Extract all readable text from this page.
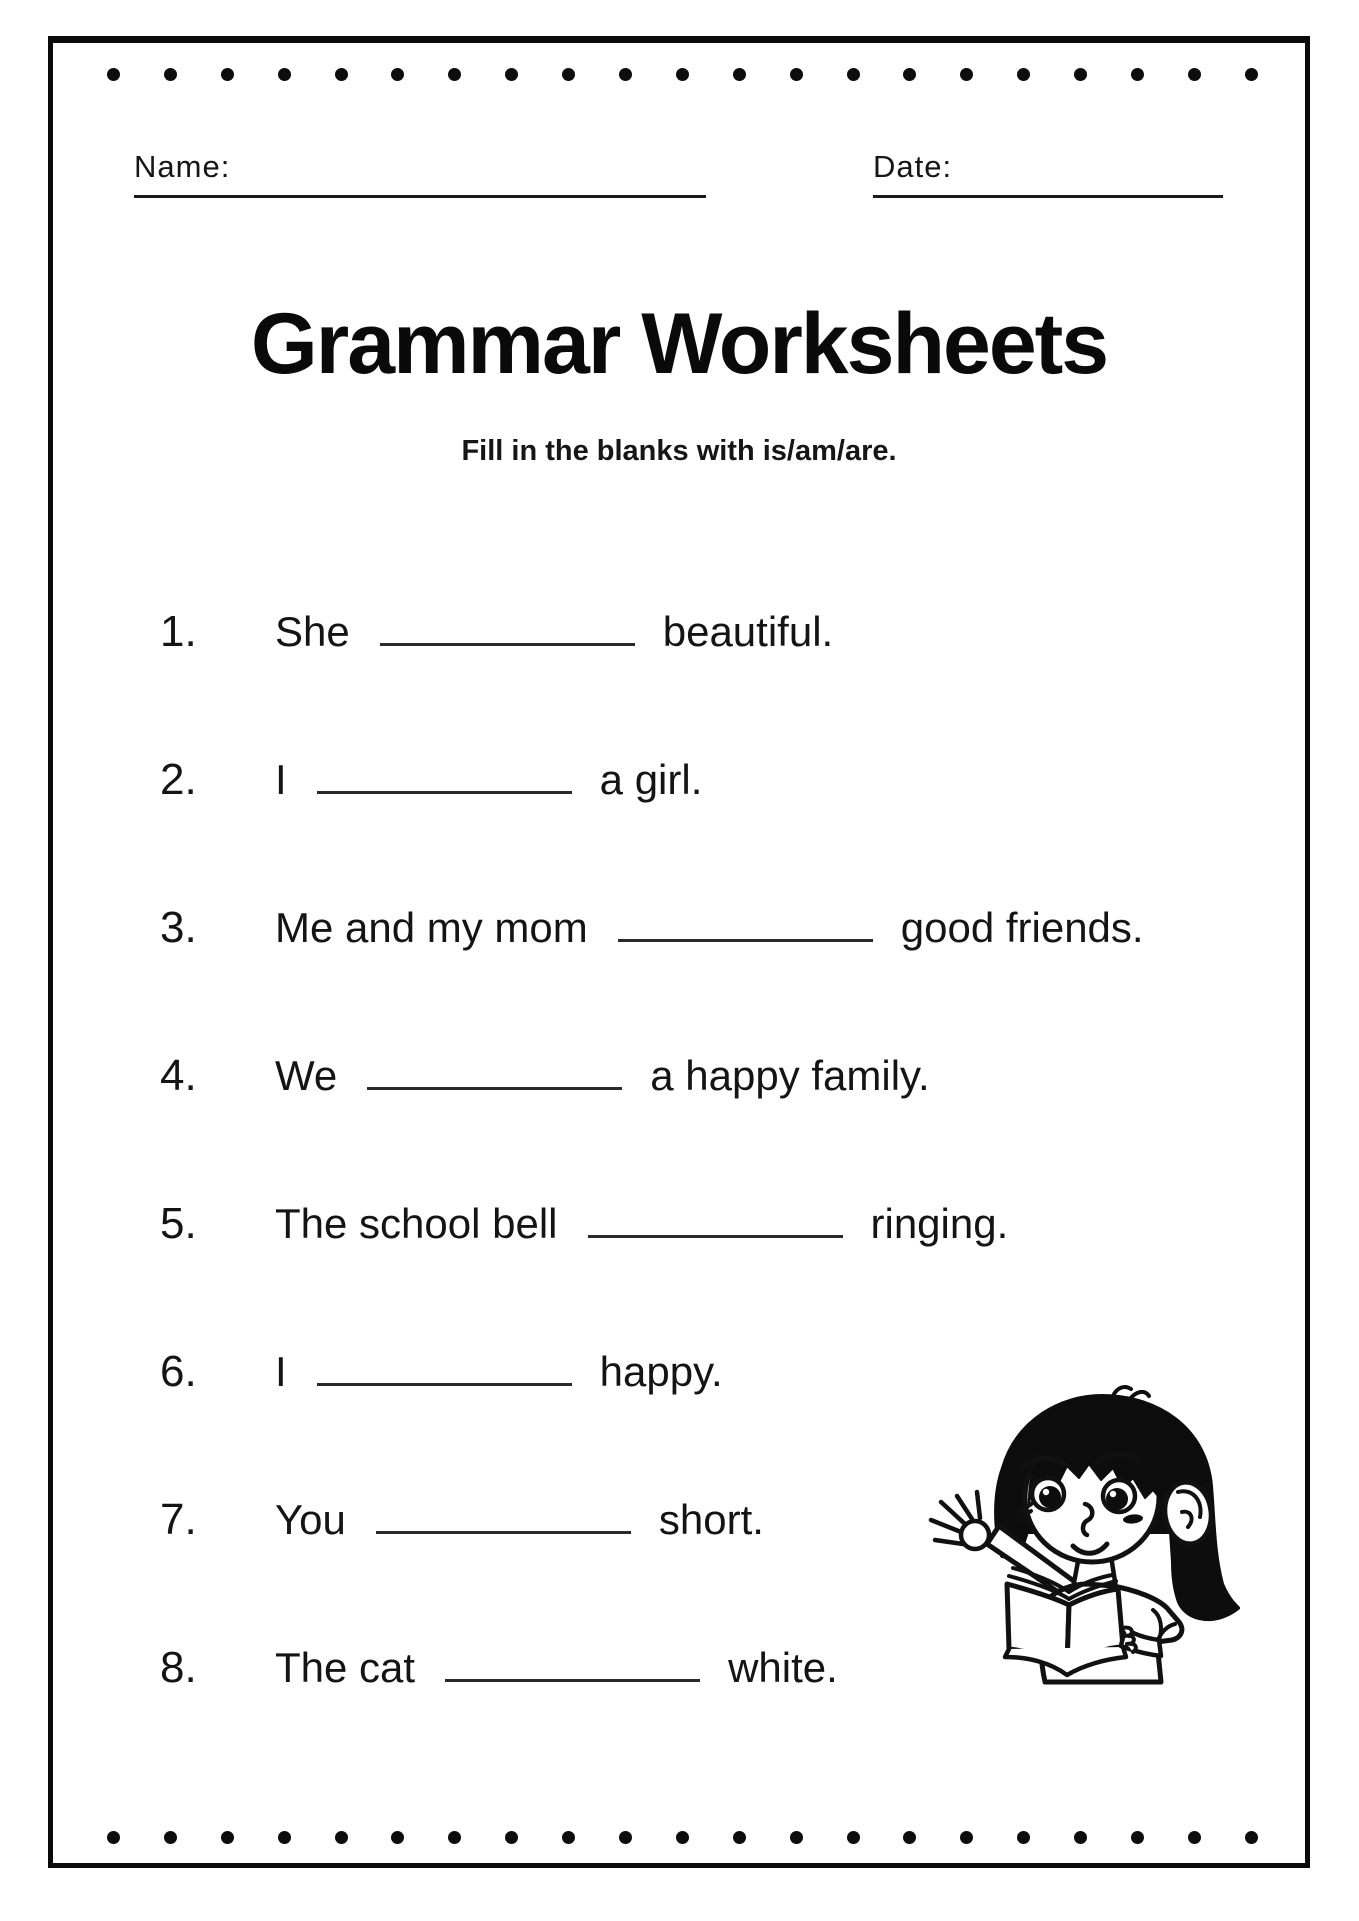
Name:	Date:
Grammar Worksheets
Fill in the blanks with is/am/are.
1. She	beautiful.
2. I	a girl.
3. Me and my mom	good friends.
4. We	a happy family.
5. The school bell	ringing.
6. I	happy.
7. You	short.
8. The cat	white.
